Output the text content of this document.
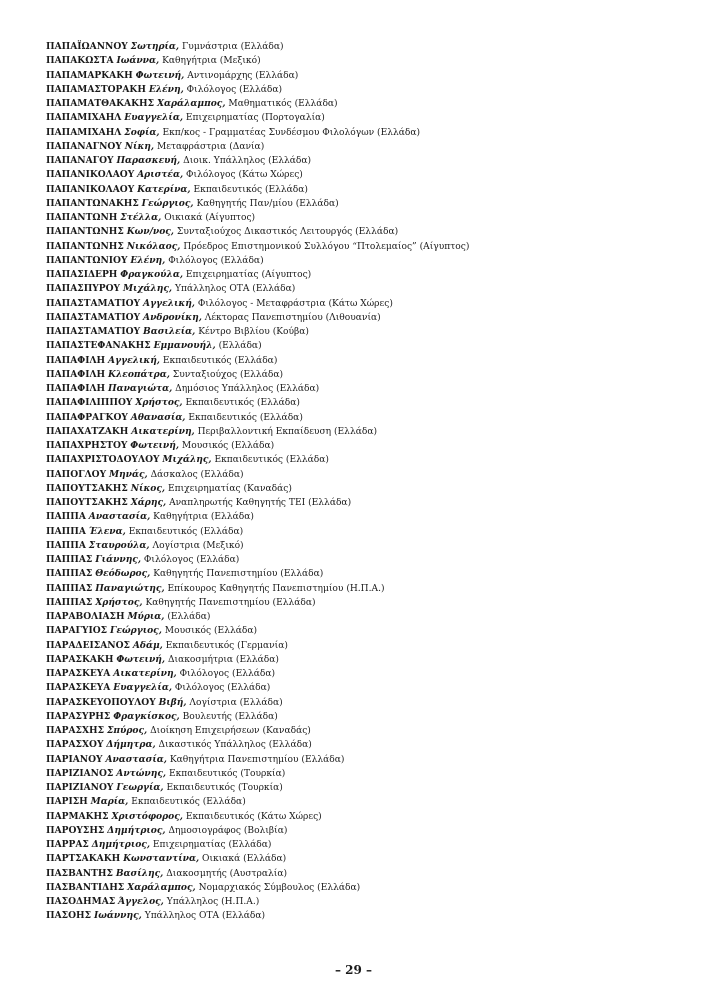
ΠΑΠΑΪΩΑΝΝΟΥ Σωτηρία, Γυμνάστρια (Ελλάδα)
ΠΑΠΑΚΩΣΤΑ Ιωάννα, Καθηγήτρια (Μεξικό)
ΠΑΠΑΜΑΡΚΑΚΗ Φωτεινή, Αντινομάρχης (Ελλάδα)
ΠΑΠΑΜΑΣΤΟΡΑΚΗ Ελένη, Φιλόλογος (Ελλάδα)
ΠΑΠΑΜΑΤΘΑΚΑΚΗΣ Χαράλαμπος, Μαθηματικός (Ελλάδα)
ΠΑΠΑΜΙΧΑΗΛ Ευαγγελία, Επιχειρηματίας (Πορτογαλία)
ΠΑΠΑΜΙΧΑΗΛ Σοφία, Εκπ/κος - Γραμματέας Συνδέσμου Φιλολόγων (Ελλάδα)
ΠΑΠΑΝΑΓΝΟΥ Νίκη, Μεταφράστρια (Δανία)
ΠΑΠΑΝΑΓΟΥ Παρασκευή, Διοικ. Υπάλληλος (Ελλάδα)
ΠΑΠΑΝΙΚΟΛΑΟΥ Αριστέα, Φιλόλογος (Κάτω Χώρες)
ΠΑΠΑΝΙΚΟΛΑΟΥ Κατερίνα, Εκπαιδευτικός (Ελλάδα)
ΠΑΠΑΝΤΩΝΑΚΗΣ Γεώργιος, Καθηγητής Παν/μίου (Ελλάδα)
ΠΑΠΑΝΤΩΝΗ Στέλλα, Οικιακά (Αίγυπτος)
ΠΑΠΑΝΤΩΝΗΣ Κων/νος, Συνταξιούχος Δικαστικός Λειτουργός (Ελλάδα)
ΠΑΠΑΝΤΩΝΗΣ Νικόλαος, Πρόεδρος Επιστημονικού Συλλόγου “Πτολεμαίος” (Αίγυπτος)
ΠΑΠΑΝΤΩΝΙΟΥ Ελένη, Φιλόλογος (Ελλάδα)
ΠΑΠΑΣΙΔΕΡΗ Φραγκούλα, Επιχειρηματίας (Αίγυπτος)
ΠΑΠΑΣΠΥΡΟΥ Μιχάλης, Υπάλληλος ΟΤΑ (Ελλάδα)
ΠΑΠΑΣΤΑΜΑΤΙΟΥ Αγγελική, Φιλόλογος - Μεταφράστρια (Κάτω Χώρες)
ΠΑΠΑΣΤΑΜΑΤΙΟΥ Ανδρονίκη, Λέκτορας Πανεπιστημίου (Λιθουανία)
ΠΑΠΑΣΤΑΜΑΤΙΟΥ Βασιλεία, Κέντρο Βιβλίου (Κούβα)
ΠΑΠΑΣΤΕΦΑΝΑΚΗΣ Εμμανουήλ, (Ελλάδα)
ΠΑΠΑΦΙΛΗ Αγγελική, Εκπαιδευτικός (Ελλάδα)
ΠΑΠΑΦΙΛΗ Κλεοπάτρα, Συνταξιούχος (Ελλάδα)
ΠΑΠΑΦΙΛΗ Παναγιώτα, Δημόσιος Υπάλληλος (Ελλάδα)
ΠΑΠΑΦΙΛΙΠΠΟΥ Χρήστος, Εκπαιδευτικός (Ελλάδα)
ΠΑΠΑΦΡΑΓΚΟΥ Αθανασία, Εκπαιδευτικός (Ελλάδα)
ΠΑΠΑΧΑΤΖΑΚΗ Αικατερίνη, Περιβαλλοντική Εκπαίδευση (Ελλάδα)
ΠΑΠΑΧΡΗΣΤΟΥ Φωτεινή, Μουσικός (Ελλάδα)
ΠΑΠΑΧΡΙΣΤΟΔΟΥΛΟΥ Μιχάλης, Εκπαιδευτικός (Ελλάδα)
ΠΑΠΟΓΛΟΥ Μηνάς, Δάσκαλος (Ελλάδα)
ΠΑΠΟΥΤΣΑΚΗΣ Νίκος, Επιχειρηματίας (Καναδάς)
ΠΑΠΟΥΤΣΑΚΗΣ Χάρης, Αναπληρωτής Καθηγητής ΤΕΙ (Ελλάδα)
ΠΑΠΠΑ Αναστασία, Καθηγήτρια (Ελλάδα)
ΠΑΠΠΑ Έλενα, Εκπαιδευτικός (Ελλάδα)
ΠΑΠΠΑ Σταυρούλα, Λογίστρια (Μεξικό)
ΠΑΠΠΑΣ Γιάννης, Φιλόλογος (Ελλάδα)
ΠΑΠΠΑΣ Θεόδωρος, Καθηγητής Πανεπιστημίου (Ελλάδα)
ΠΑΠΠΑΣ Παναγιώτης, Επίκουρος Καθηγητής Πανεπιστημίου (Η.Π.Α.)
ΠΑΠΠΑΣ Χρήστος, Καθηγητής Πανεπιστημίου (Ελλάδα)
ΠΑΡΑΒΟΛΙΑΣΗ Μύρια, (Ελλάδα)
ΠΑΡΑΓΥΙΟΣ Γεώργιος, Μουσικός (Ελλάδα)
ΠΑΡΑΔΕΙΣΑΝΟΣ Αδάμ, Εκπαιδευτικός (Γερμανία)
ΠΑΡΑΣΚΑΚΗ Φωτεινή, Διακοσμήτρια (Ελλάδα)
ΠΑΡΑΣΚΕΥΑ Αικατερίνη, Φιλόλογος (Ελλάδα)
ΠΑΡΑΣΚΕΥΑ Ευαγγελία, Φιλόλογος (Ελλάδα)
ΠΑΡΑΣΚΕΥΟΠΟΥΛΟΥ Βιβή, Λογίστρια (Ελλάδα)
ΠΑΡΑΣΥΡΗΣ Φραγκίσκος, Βουλευτής (Ελλάδα)
ΠΑΡΑΣΧΗΣ Σπύρος, Διοίκηση Επιχειρήσεων (Καναδάς)
ΠΑΡΑΣΧΟΥ Δήμητρα, Δικαστικός Υπάλληλος (Ελλάδα)
ΠΑΡΙΑΝΟΥ Αναστασία, Καθηγήτρια Πανεπιστημίου (Ελλάδα)
ΠΑΡΙΖΙΑΝΟΣ Αντώνης, Εκπαιδευτικός (Τουρκία)
ΠΑΡΙΖΙΑΝΟΥ Γεωργία, Εκπαιδευτικός (Τουρκία)
ΠΑΡΙΣΗ Μαρία, Εκπαιδευτικός (Ελλάδα)
ΠΑΡΜΑΚΗΣ Χριστόφορος, Εκπαιδευτικός (Κάτω Χώρες)
ΠΑΡΟΥΣΗΣ Δημήτριος, Δημοσιογράφος (Βολιβία)
ΠΑΡΡΑΣ Δημήτριος, Επιχειρηματίας (Ελλάδα)
ΠΑΡΤΣΑΚΑΚΗ Κωνσταντίνα, Οικιακά (Ελλάδα)
ΠΑΣΒΑΝΤΗΣ Βασίλης, Διακοσμητής (Αυστραλία)
ΠΑΣΒΑΝΤΙΔΗΣ Χαράλαμπος, Νομαρχιακός Σύμβουλος (Ελλάδα)
ΠΑΣΟΔΗΜΑΣ Άγγελος, Υπάλληλος (Η.Π.Α.)
ΠΑΣΟΗΣ Ιωάννης, Υπάλληλος ΟΤΑ (Ελλάδα)
– 29 –
